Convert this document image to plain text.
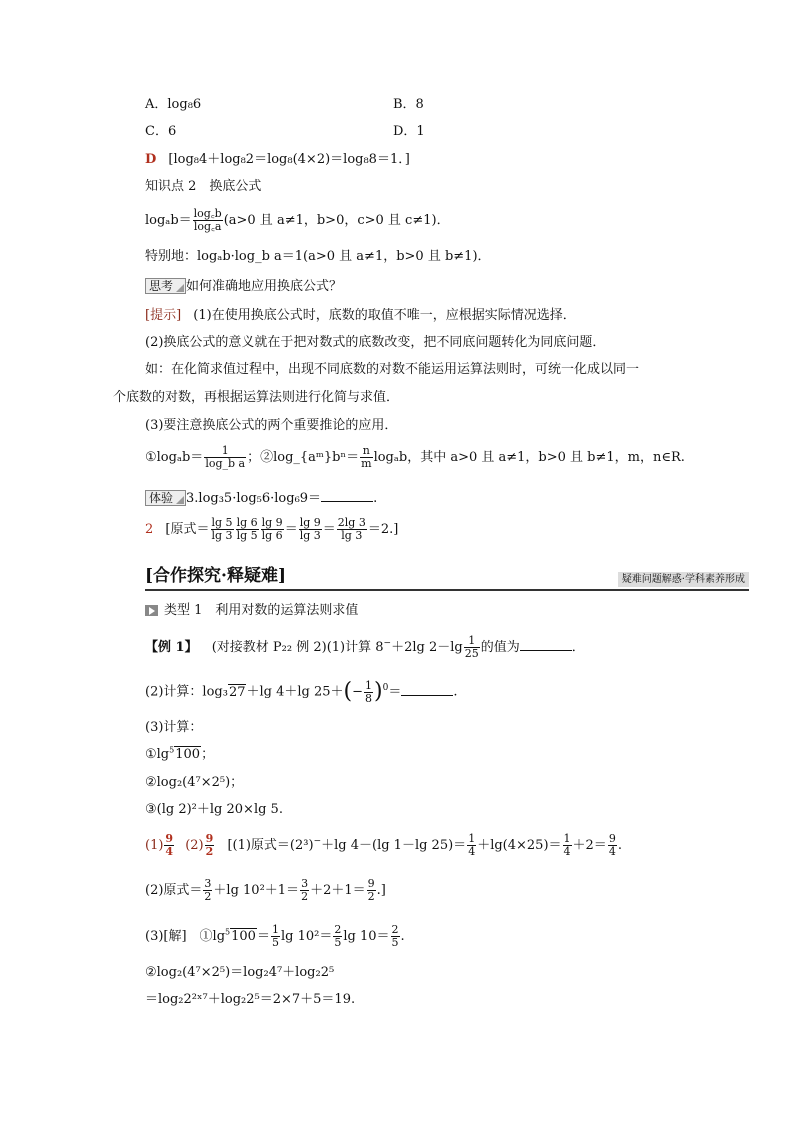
A．log₈6	B．8
C．6	D．1
D [log₈4＋log₈2＝log₈(4×2)＝log₈8＝1．]
知识点 2　换底公式
$\log_ab= \frac{\log꜀b}{\log꜀a} (a>0$ 且 a≠1，b>0，c>0 且 c≠1)．
特别地：logₐb·log_b a＝1(a>0 且 a≠1，b>0 且 b≠1)．
思考 如何准确地应用换底公式？
[提示] (1)在使用换底公式时，底数的取值不唯一，应根据实际情况选择．
(2)换底公式的意义就在于把对数式的底数改变，把不同底问题转化为同底问题．
如：在化简求值过程中，出现不同底数的对数不能运用运算法则时，可统一化成以同一
个底数的对数，再根据运算法则进行化简与求值．
(3)要注意换底公式的两个重要推论的应用．
①logₐb＝ $\frac{1}{\text{log\_b a}}$ ；②log_{aᵐ}bⁿ＝ $\frac{n}{m}$ logₐb，其中 a>0 且 a≠1，b>0 且 b≠1，m，n∈R.
体验 3.log₃5·log₅6·log₆9＝	.
2 [原式＝ $\frac{\lg 5}{\lg 3} \frac{\lg 6}{\lg 5} \frac{\lg 9}{\lg 6} = \frac{\lg 9}{\lg 3} = \frac{2\lg 3}{\lg 3} =2$.]
[合作探究·释疑难]	疑难问题解惑·学科素养形成
类型 1　利用对数的运算法则求值
【例 1】 (对接教材 P₂₂ 例 2)(1)计算 8−＋2lg $2-\lg \frac{1}{25}$ 的值为	．
(2)计算：log₃27＋lg 4＋lg $25+(- \frac{1}{8} )^0=$	.
(3)计算：
$①\lg^5100$；
②log₂(4⁷×2⁵)；
③(lg 2)²＋lg 20×lg 5.
$(1) \frac{9}{4} (2) \frac{9}{2} [(1)$原式＝(2³)−＋lg 4－(lg 1－lg $25)= \frac{1}{4} +\lg(4\times 25)= \frac{1}{4} +2= \frac{9}{4}$ .
(2)原式＝ $\frac{3}{2} +\lg$ $10^2+1= \frac{3}{2} +2+1= \frac{9}{2}$ .]
(3)[解]　$①\lg^5100= \frac{1}{5}$ $\lg 10^2= \frac{2}{5}$ $\lg 10= \frac{2}{5}$ .
②log₂(4⁷×2⁵)＝log₂4⁷＋log₂2⁵
＝log₂2²ˣ⁷＋log₂2⁵＝2×7＋5＝19.
